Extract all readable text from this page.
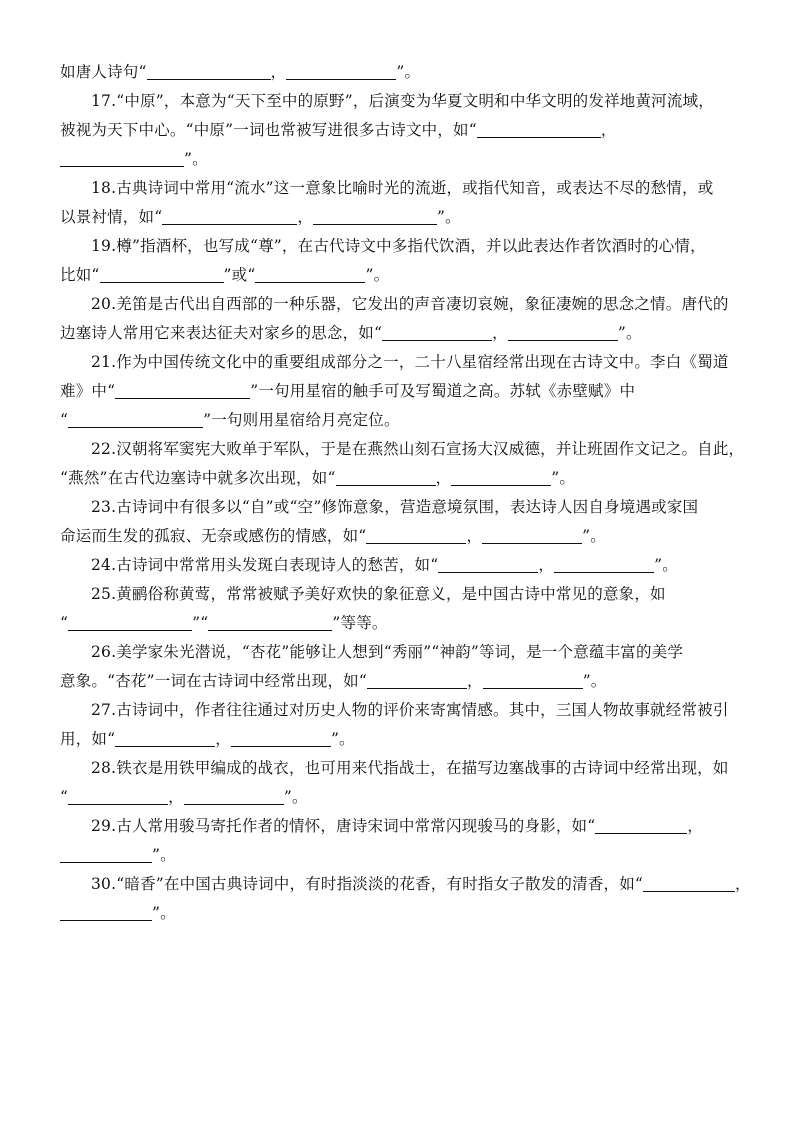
如唐人诗句“	，	”。
17.“中原”，本意为“天下至中的原野”，后演变为华夏文明和中华文明的发祥地黄河流域，
被视为天下中心。“中原”一词也常被写进很多古诗文中，如“	，
”。
18.古典诗词中常用“流水”这一意象比喻时光的流逝，或指代知音，或表达不尽的愁情，或
以景衬情，如“	，	”。
19.樽”指酒杯，也写成“尊”，在古代诗文中多指代饮酒，并以此表达作者饮酒时的心情，
比如“	”或“	”。
20.羌笛是古代出自西部的一种乐器，它发出的声音凄切哀婉，象征凄婉的思念之情。唐代的
边塞诗人常用它来表达征夫对家乡的思念，如“	，	”。
21.作为中国传统文化中的重要组成部分之一，二十八星宿经常出现在古诗文中。李白《蜀道
难》中“	”一句用星宿的触手可及写蜀道之高。苏轼《赤壁赋》中
“	”一句则用星宿给月亮定位。
22.汉朝将军窦宪大败单于军队，于是在燕然山刻石宣扬大汉威德，并让班固作文记之。自此，
“燕然”在古代边塞诗中就多次出现，如“	，	”。
23.古诗词中有很多以“自”或“空”修饰意象，营造意境氛围，表达诗人因自身境遇或家国
命运而生发的孤寂、无奈或感伤的情感，如“	，	”。
24.古诗词中常常用头发斑白表现诗人的愁苦，如“	，	”。
25.黄鹂俗称黄莺，常常被赋予美好欢快的象征意义，是中国古诗中常见的意象，如
“	”“	”等等。
26.美学家朱光潜说，“杏花”能够让人想到“秀丽”“神韵”等词，是一个意蕴丰富的美学
意象。“杏花”一词在古诗词中经常出现，如“	，	”。
27.古诗词中，作者往往通过对历史人物的评价来寄寓情感。其中，三国人物故事就经常被引
用，如“	，	”。
28.铁衣是用铁甲编成的战衣，也可用来代指战士，在描写边塞战事的古诗词中经常出现，如
“	，	”。
29.古人常用骏马寄托作者的情怀，唐诗宋词中常常闪现骏马的身影，如“	，
”。
30.“暗香”在中国古典诗词中，有时指淡淡的花香，有时指女子散发的清香，如“	，
”。
